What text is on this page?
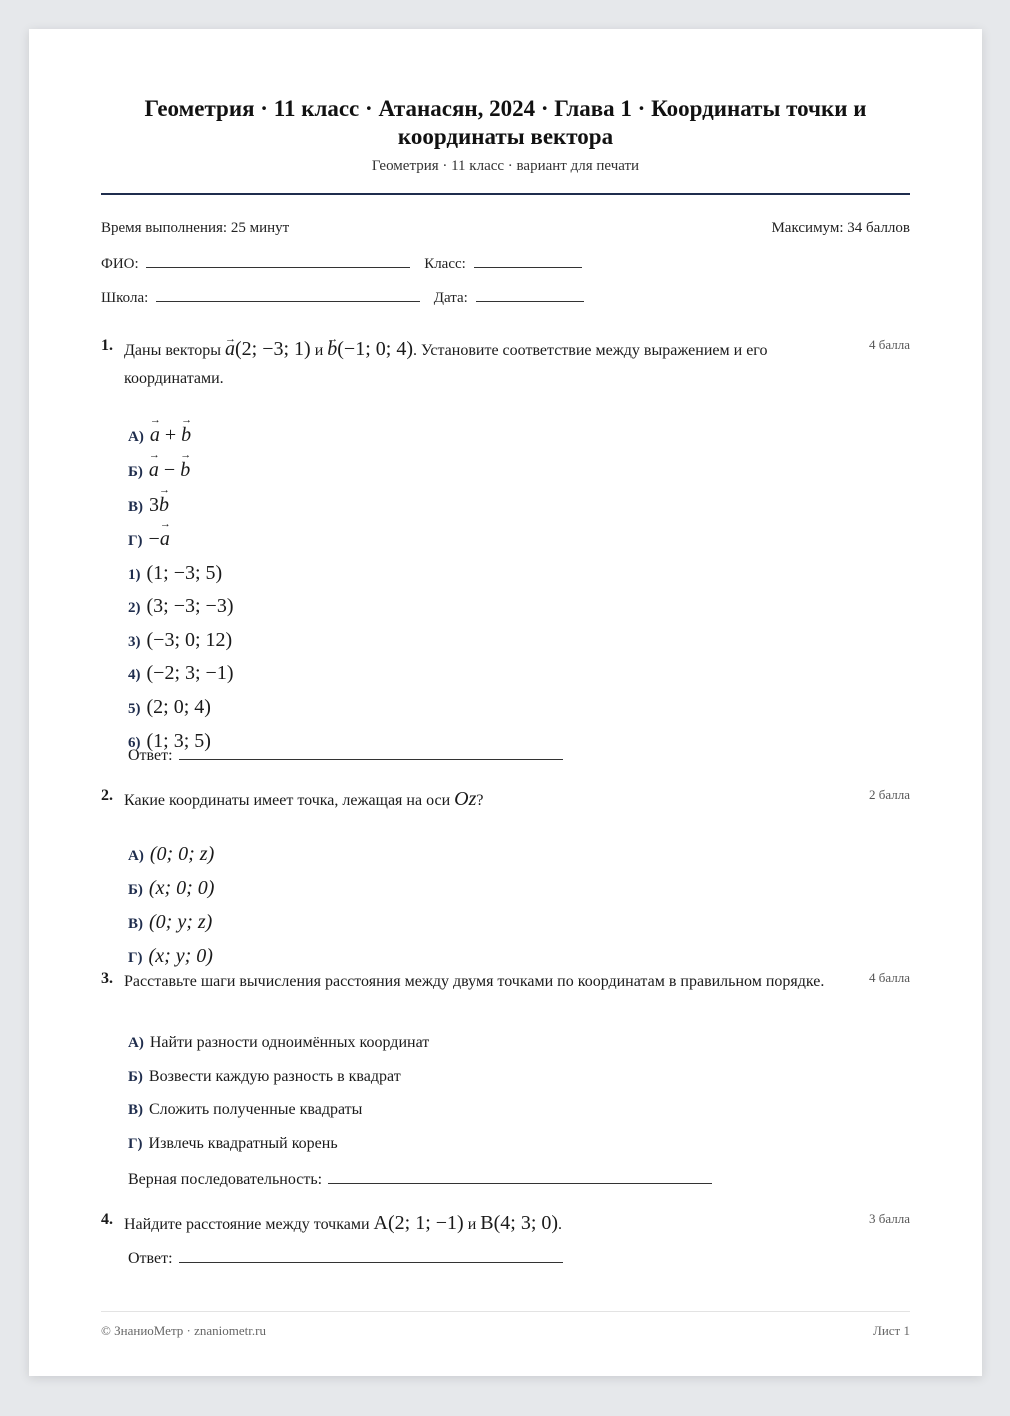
Геометрия · 11 класс · Атанасян, 2024 · Глава 1 · Координаты точки и координаты вектора
Геометрия · 11 класс · вариант для печати
Время выполнения: 25 минут	Максимум: 34 баллов
ФИО:	Класс:
Школа:	Дата:
1. Даны векторы → a(2; −3; 1) и → b(−1; 0; 4). Установите соответствие между выражением и его координатами.
4 балла
А) → a + → b
Б) → a − → b
В) 3→ b
Г) −→ a
1) (1; −3; 5)
2) (3; −3; −3)
3) (−3; 0; 12)
4) (−2; 3; −1)
5) (2; 0; 4)
6) (1; 3; 5)
Ответ:
2. Какие координаты имеет точка, лежащая на оси Oz?	2 балла
А) (0; 0; z)
Б) (x; 0; 0)
В) (0; y; z)
Г) (x; y; 0)
3. Расставьте шаги вычисления расстояния между двумя точками по координатам в правильном порядке.	4 балла
А) Найти разности одноимённых координат
Б) Возвести каждую разность в квадрат
В) Сложить полученные квадраты
Г) Извлечь квадратный корень
Верная последовательность:
4. Найдите расстояние между точками A(2; 1; −1) и B(4; 3; 0).	3 балла
Ответ:
© ЗнаниоМетр · znaniometr.ru	Лист 1
